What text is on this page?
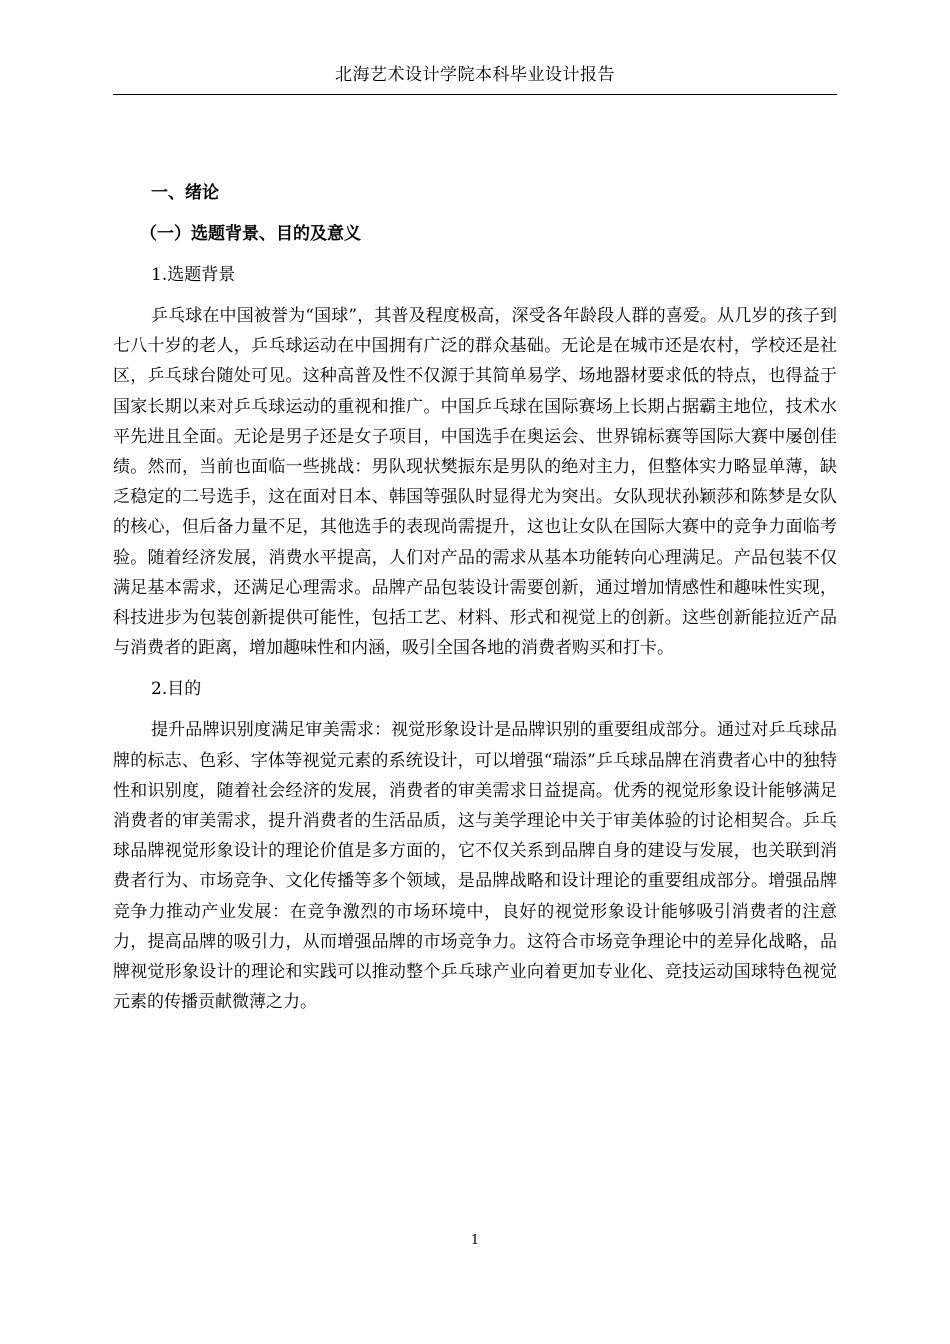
北海艺术设计学院本科毕业设计报告
一、绪论
（一）选题背景、目的及意义
1.选题背景

乒乓球在中国被誉为“国球”，其普及程度极高，深受各年龄段人群的喜爱。从几岁的孩子到七八十岁的老人，乒乓球运动在中国拥有广泛的群众基础。无论是在城市还是农村，学校还是社区，乒乓球台随处可见。这种高普及性不仅源于其简单易学、场地器材要求低的特点，也得益于国家长期以来对乒乓球运动的重视和推广。中国乒乓球在国际赛场上长期占据霸主地位，技术水平先进且全面。无论是男子还是女子项目，中国选手在奥运会、世界锦标赛等国际大赛中屡创佳绩。然而，当前也面临一些挑战：男队现状樊振东是男队的绝对主力，但整体实力略显单薄，缺乏稳定的二号选手，这在面对日本、韩国等强队时显得尤为突出。女队现状孙颖莎和陈梦是女队的核心，但后备力量不足，其他选手的表现尚需提升，这也让女队在国际大赛中的竞争力面临考验。随着经济发展，消费水平提高，人们对产品的需求从基本功能转向心理满足。产品包装不仅满足基本需求，还满足心理需求。品牌产品包装设计需要创新，通过增加情感性和趣味性实现，科技进步为包装创新提供可能性，包括工艺、材料、形式和视觉上的创新。这些创新能拉近产品与消费者的距离，增加趣味性和内涵，吸引全国各地的消费者购买和打卡。

2.目的

提升品牌识别度满足审美需求：视觉形象设计是品牌识别的重要组成部分。通过对乒乓球品牌的标志、色彩、字体等视觉元素的系统设计，可以增强“瑞添”乒乓球品牌在消费者心中的独特性和识别度，随着社会经济的发展，消费者的审美需求日益提高。优秀的视觉形象设计能够满足消费者的审美需求，提升消费者的生活品质，这与美学理论中关于审美体验的讨论相契合。乒乓球品牌视觉形象设计的理论价值是多方面的，它不仅关系到品牌自身的建设与发展，也关联到消费者行为、市场竞争、文化传播等多个领域，是品牌战略和设计理论的重要组成部分。增强品牌竞争力推动产业发展：在竞争激烈的市场环境中，良好的视觉形象设计能够吸引消费者的注意力，提高品牌的吸引力，从而增强品牌的市场竞争力。这符合市场竞争理论中的差异化战略，品牌视觉形象设计的理论和实践可以推动整个乒乓球产业向着更加专业化、竞技运动国球特色视觉元素的传播贡献微薄之力。

1
